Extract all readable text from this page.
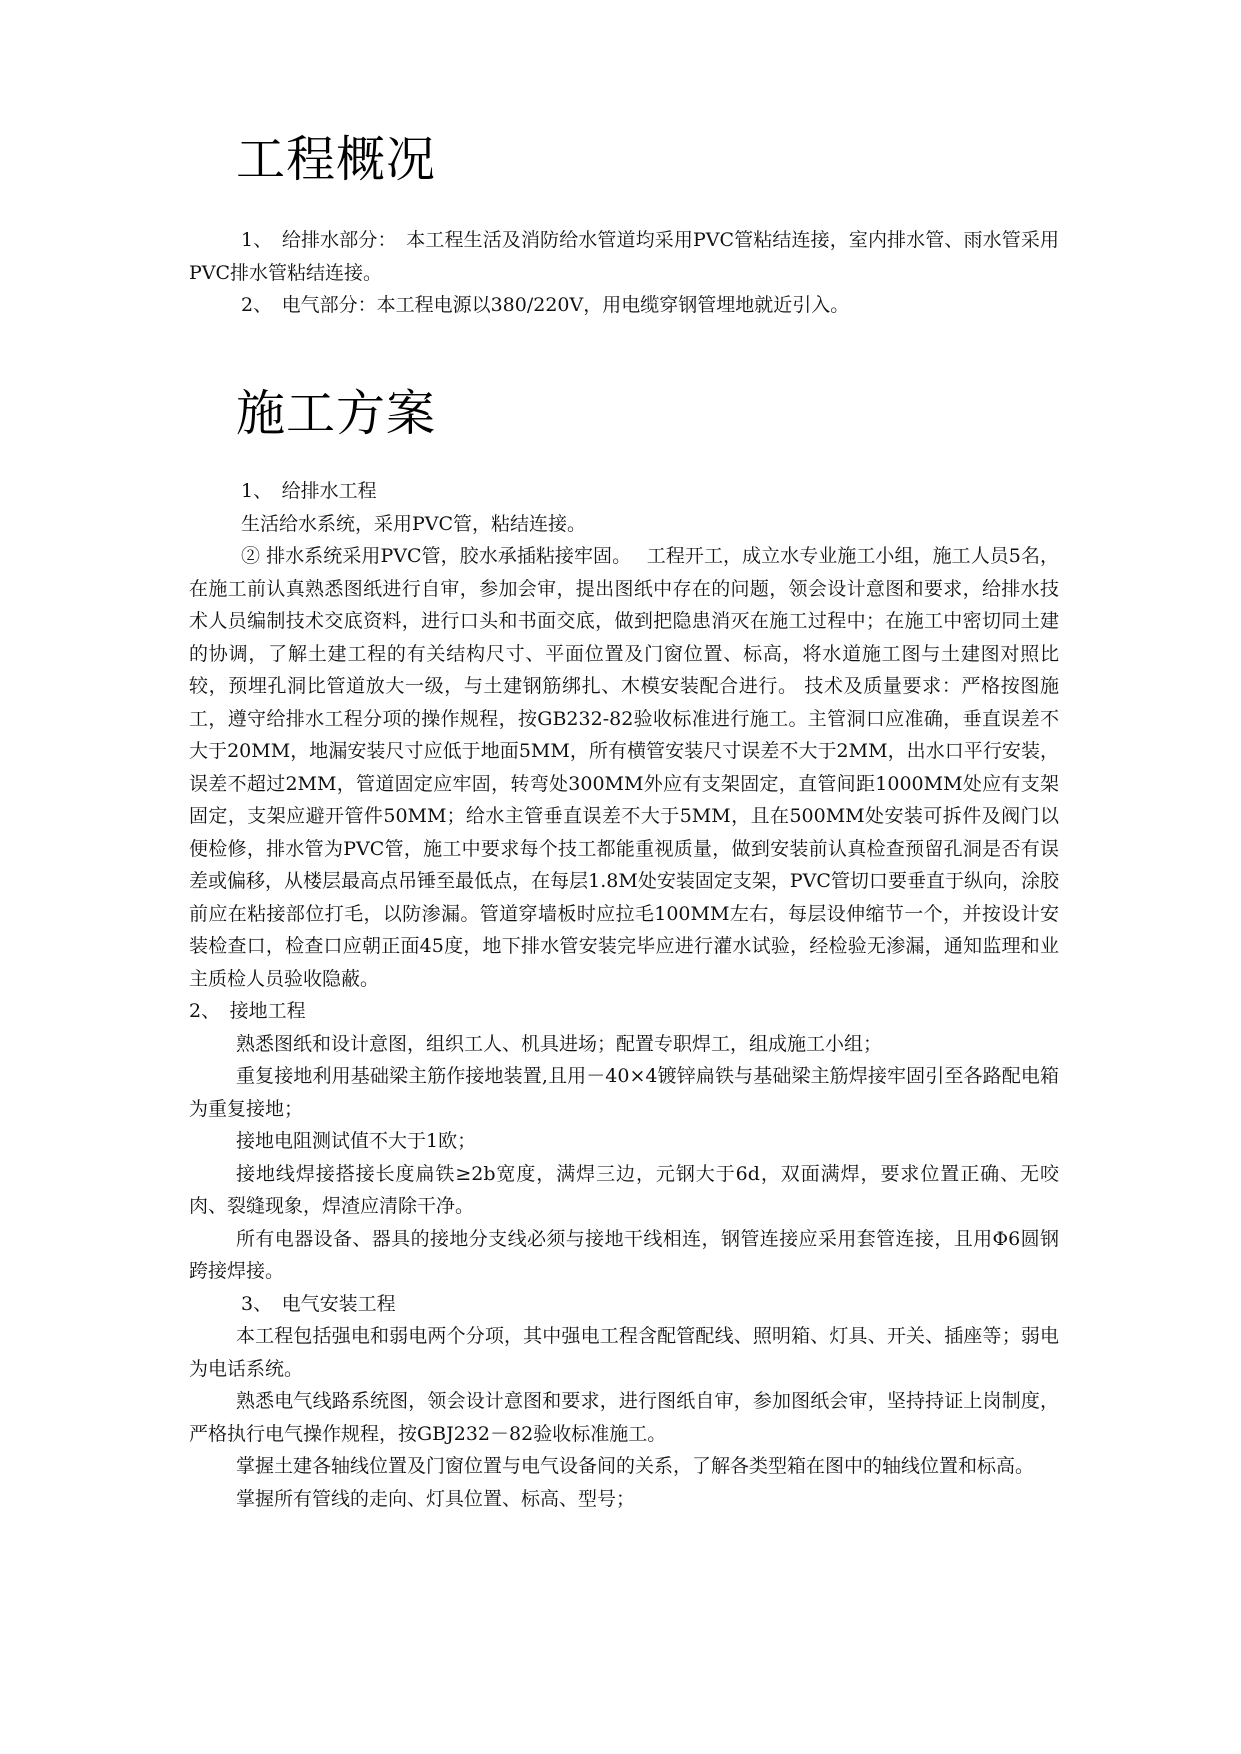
工程概况

1、　给排水部分：　本工程生活及消防给水管道均采用PVC管粘结连接，室内排水管、雨水管采用PVC排水管粘结连接。

2、　电气部分：本工程电源以380/220V，用电缆穿钢管埋地就近引入。

施工方案

1、　给排水工程

生活给水系统，采用PVC管，粘结连接。

② 排水系统采用PVC管，胶水承插粘接牢固。　 工程开工，成立水专业施工小组，施工人员5名，在施工前认真熟悉图纸进行自审，参加会审，提出图纸中存在的问题，领会设计意图和要求，给排水技术人员编制技术交底资料，进行口头和书面交底，做到把隐患消灭在施工过程中；在施工中密切同土建的协调，了解土建工程的有关结构尺寸、平面位置及门窗位置、标高，将水道施工图与土建图对照比较，预埋孔洞比管道放大一级，与土建钢筋绑扎、木模安装配合进行。 技术及质量要求：严格按图施工，遵守给排水工程分项的操作规程，按GB232-82验收标准进行施工。主管洞口应准确，垂直误差不大于20MM，地漏安装尺寸应低于地面5MM，所有横管安装尺寸误差不大于2MM，出水口平行安装，误差不超过2MM，管道固定应牢固，转弯处300MM外应有支架固定，直管间距1000MM处应有支架固定，支架应避开管件50MM；给水主管垂直误差不大于5MM，且在500MM处安装可拆件及阀门以便检修，排水管为PVC管，施工中要求每个技工都能重视质量，做到安装前认真检查预留孔洞是否有误差或偏移，从楼层最高点吊锤至最低点，在每层1.8M处安装固定支架，PVC管切口要垂直于纵向，涂胶前应在粘接部位打毛，以防渗漏。管道穿墙板时应拉毛100MM左右，每层设伸缩节一个，并按设计安装检查口，检查口应朝正面45度，地下排水管安装完毕应进行灌水试验，经检验无渗漏，通知监理和业主质检人员验收隐蔽。

2、　接地工程

熟悉图纸和设计意图，组织工人、机具进场；配置专职焊工，组成施工小组；

重复接地利用基础梁主筋作接地装置,且用－40×4镀锌扁铁与基础梁主筋焊接牢固引至各路配电箱为重复接地；

接地电阻测试值不大于1欧；

接地线焊接搭接长度扁铁≥2b宽度，满焊三边，元钢大于6d，双面满焊，要求位置正确、无咬肉、裂缝现象，焊渣应清除干净。

所有电器设备、器具的接地分支线必须与接地干线相连，钢管连接应采用套管连接，且用Φ6圆钢跨接焊接。

3、　电气安装工程

本工程包括强电和弱电两个分项，其中强电工程含配管配线、照明箱、灯具、开关、插座等；弱电为电话系统。

熟悉电气线路系统图，领会设计意图和要求，进行图纸自审，参加图纸会审，坚持持证上岗制度，严格执行电气操作规程，按GBJ232－82验收标准施工。

掌握土建各轴线位置及门窗位置与电气设备间的关系，了解各类型箱在图中的轴线位置和标高。

掌握所有管线的走向、灯具位置、标高、型号；
